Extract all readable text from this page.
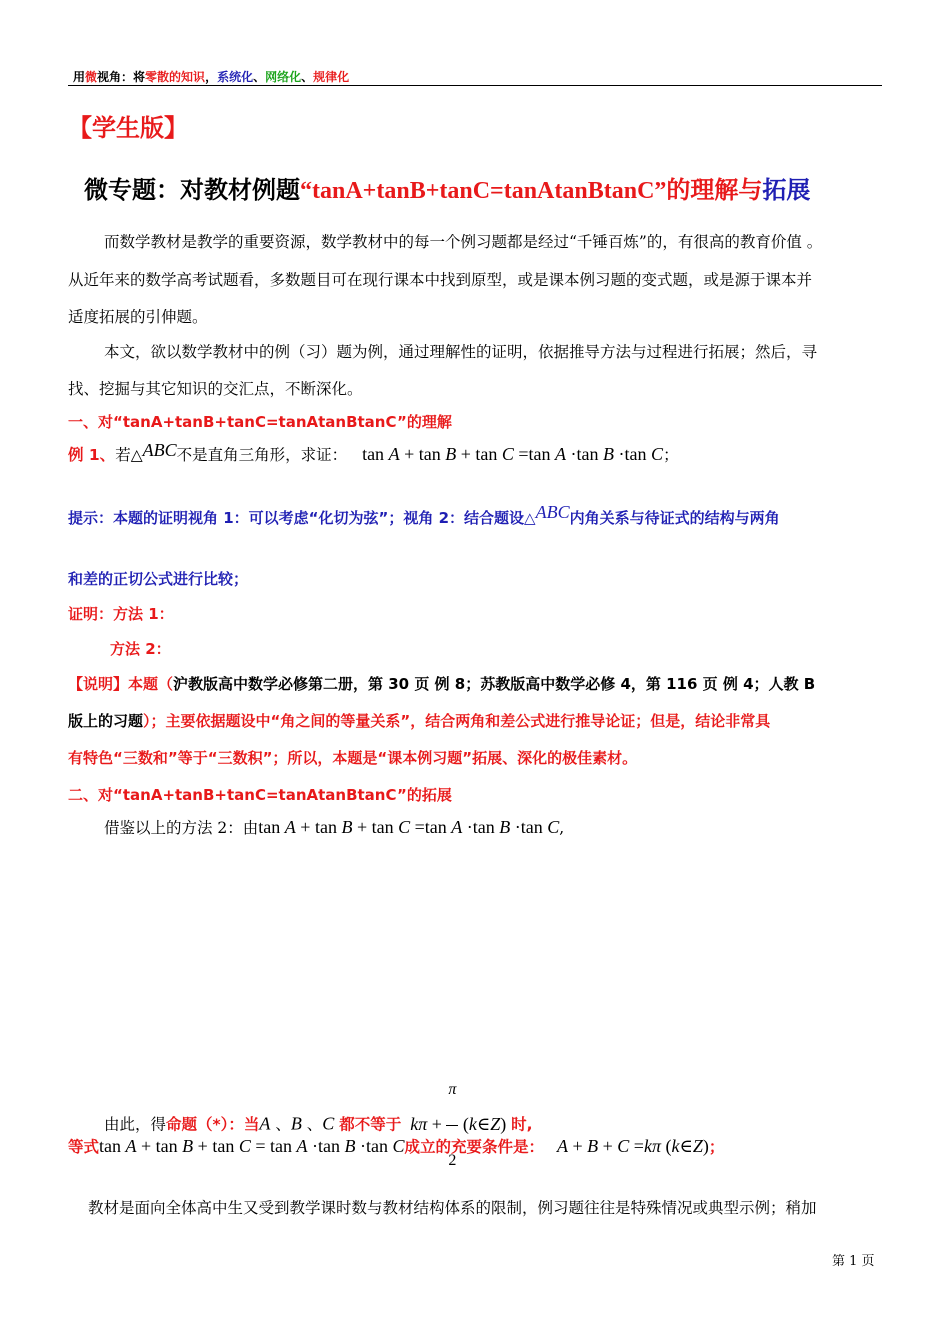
用微视角：将零散的知识，系统化、网络化、规律化
【学生版】
微专题：对教材例题“tanA+tanB+tanC=tanAtanBtanC”的理解与拓展
而数学教材是教学的重要资源，数学教材中的每一个例习题都是经过“千锤百炼”的，有很高的教育价值 。
从近年来的数学高考试题看，多数题目可在现行课本中找到原型，或是课本例习题的变式题，或是源于课本并
适度拓展的引伸题。
本文，欲以数学教材中的例（习）题为例，通过理解性的证明，依据推导方法与过程进行拓展；然后，寻
找、挖掘与其它知识的交汇点，不断深化。
一、对“tanA+tanB+tanC=tanAtanBtanC”的理解
例 1、若△ABC不是直角三角形，求证： tan A + tan B + tan C =tan A ·tan B ·tan C；
提示：本题的证明视角 1：可以考虑“化切为弦”；视角 2：结合题设△ABC内角关系与待证式的结构与两角
和差的正切公式进行比较；
证明：方法 1：
方法 2：
【说明】本题（沪教版高中数学必修第二册，第 30 页 例 8；苏教版高中数学必修 4，第 116 页 例 4；人教 B
版上的习题）；主要依据题设中“角之间的等量关系”，结合两角和差公式进行推导论证；但是，结论非常具
有特色“三数和”等于“三数积”；所以，本题是“课本例习题”拓展、深化的极佳素材。
二、对“tanA+tanB+tanC=tanAtanBtanC”的拓展
借鉴以上的方法 2：由tan A + tan B + tan C =tan A ·tan B ·tan C,
由此，得命题（*）：当A 、B 、C 都不等于 $k\pi + \frac{\pi}{2}$ (k∈Z) 时,
等式tan A + tan B + tan C = tan A ·tan B ·tan C成立的充要条件是： A + B + C =kπ (k∈Z)；
教材是面向全体高中生又受到教学课时数与教材结构体系的限制，例习题往往是特殊情况或典型示例；稍加
第 1 页
